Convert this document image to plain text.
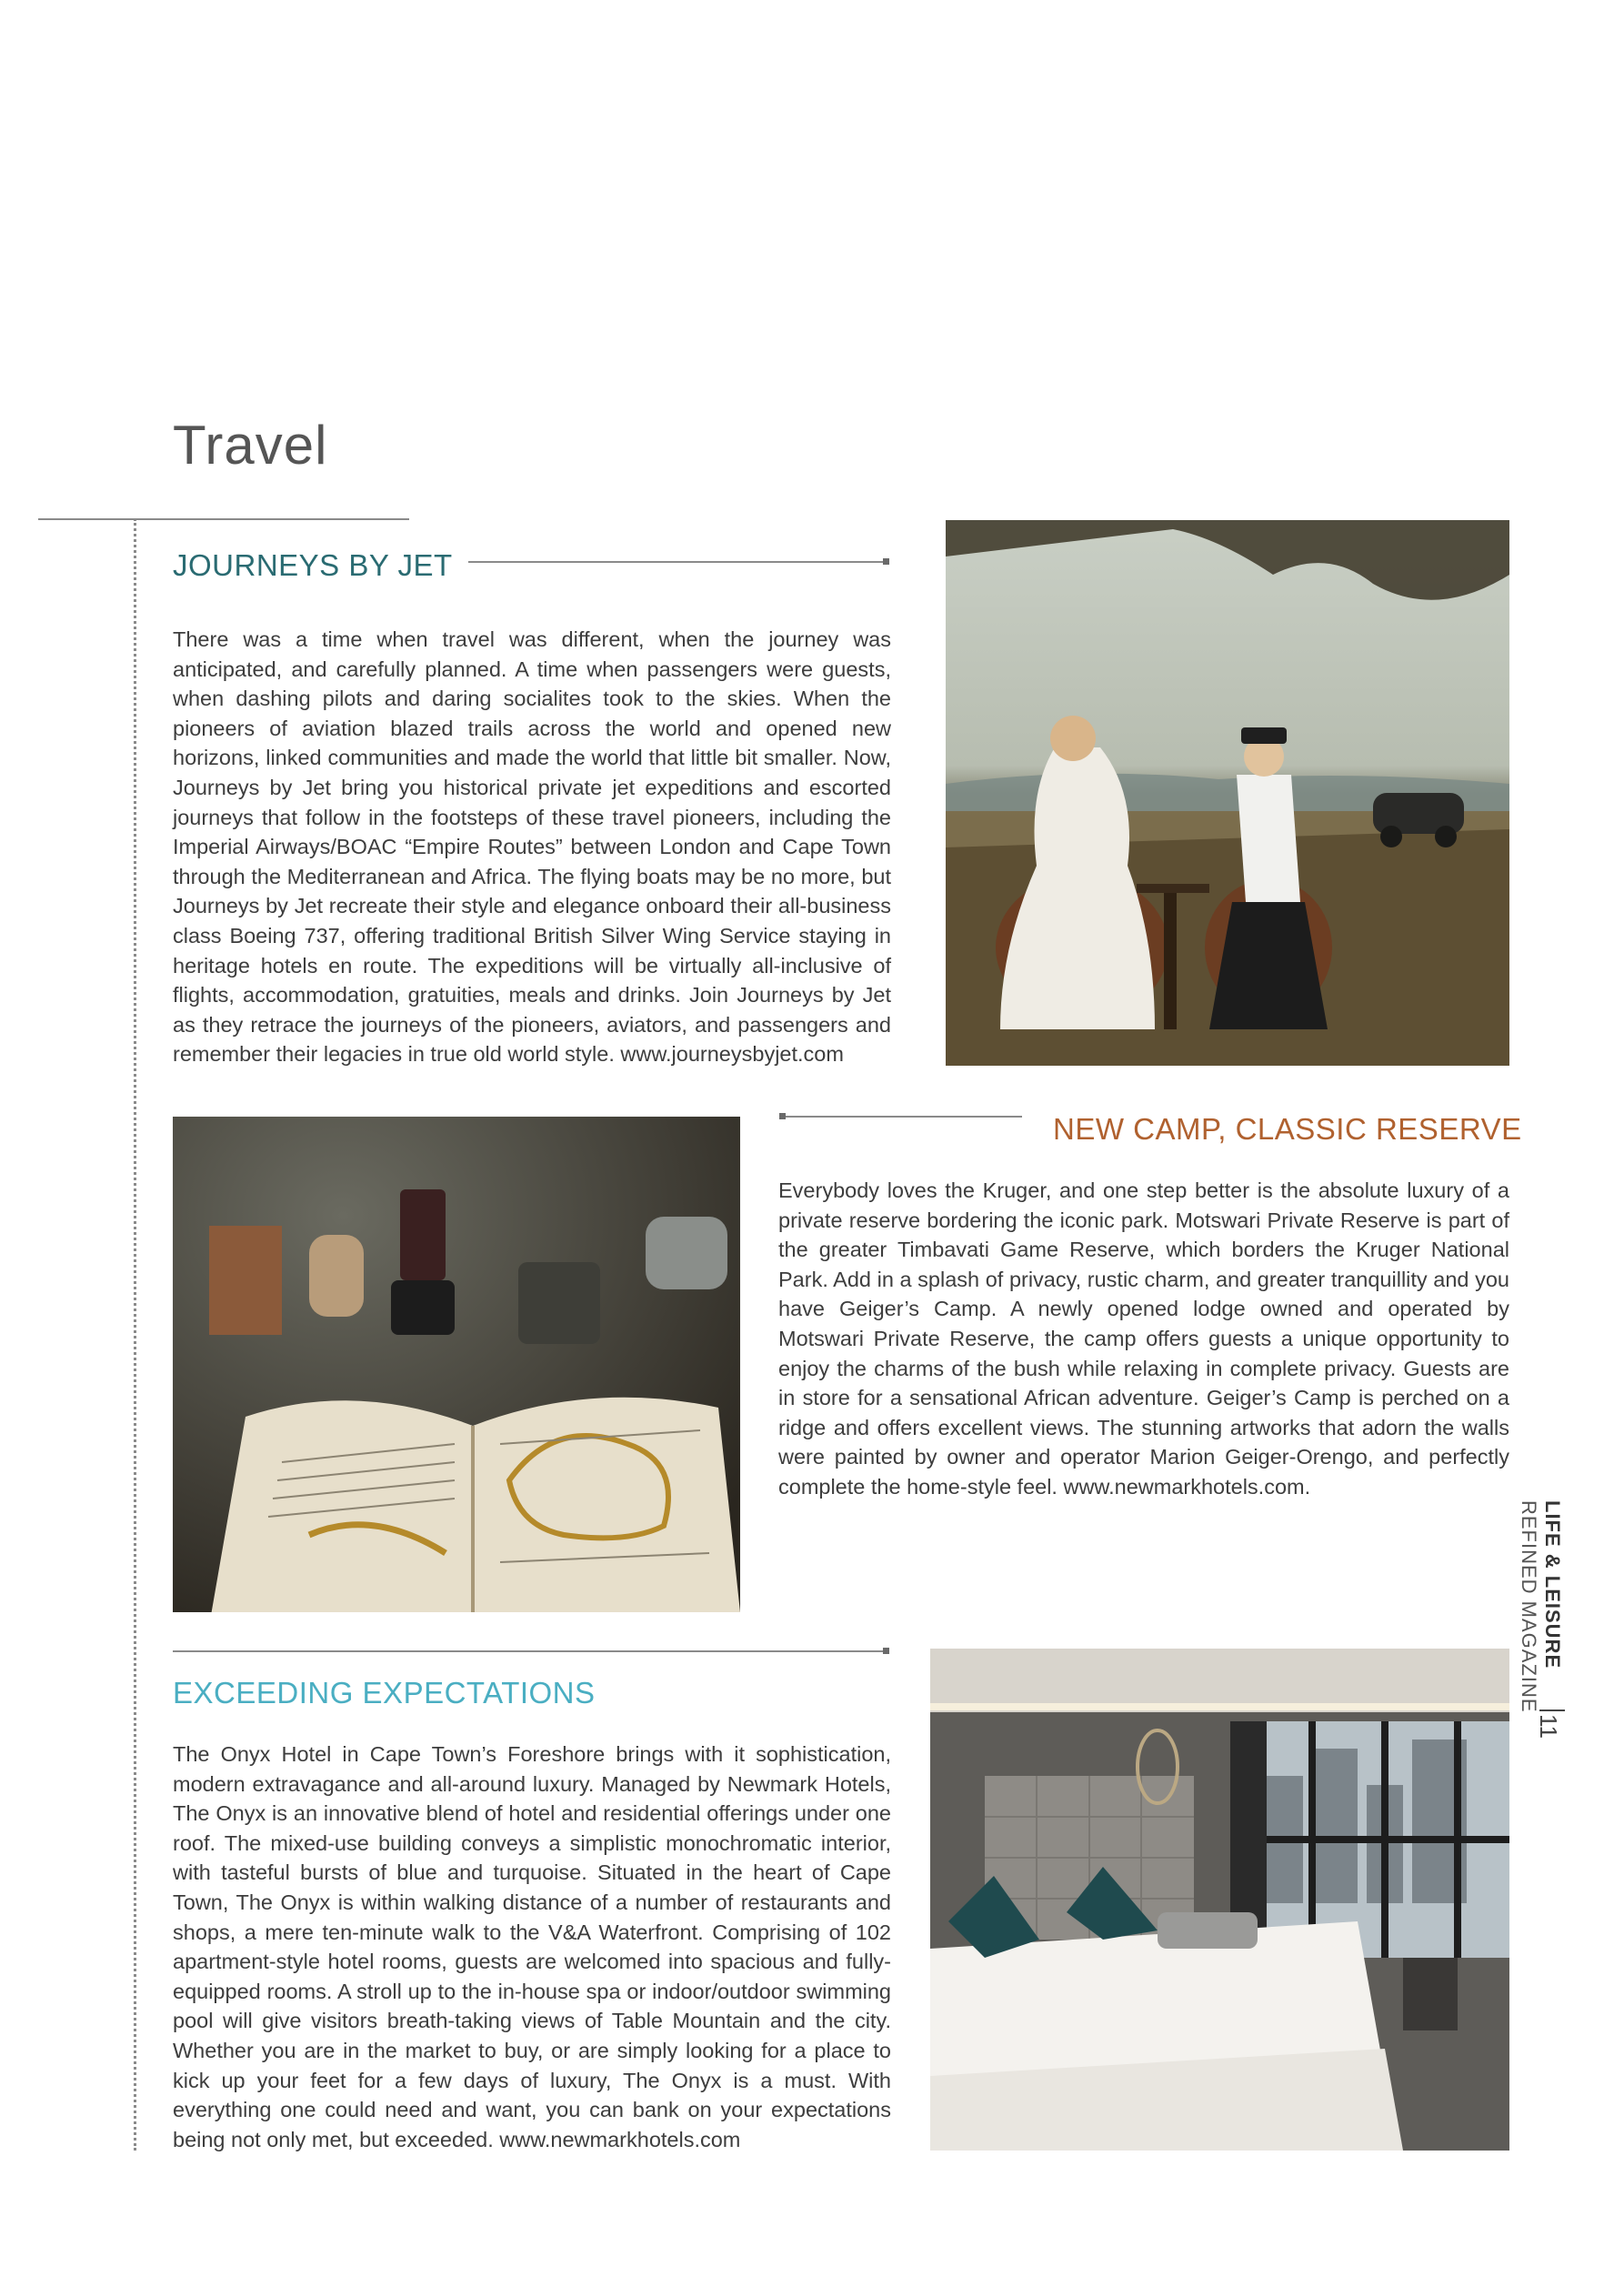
Travel
JOURNEYS BY JET

There was a time when travel was different, when the journey was anticipated, and carefully planned. A time when passengers were guests, when dashing pilots and daring socialites took to the skies. When the pioneers of aviation blazed trails across the world and opened new horizons, linked communities and made the world that little bit smaller. Now, Journeys by Jet bring you historical private jet expeditions and escorted journeys that follow in the footsteps of these travel pioneers, including the Imperial Airways/BOAC “Empire Routes” between London and Cape Town through the Mediterranean and Africa. The flying boats may be no more, but Journeys by Jet recreate their style and elegance onboard their all-business class Boeing 737, offering traditional British Silver Wing Service staying in heritage hotels en route. The expeditions will be virtually all-inclusive of flights, accommodation, gratuities, meals and drinks. Join Journeys by Jet as they retrace the journeys of the pioneers, aviators, and passengers and remember their legacies in true old world style. www.journeysbyjet.com

NEW CAMP, CLASSIC RESERVE

Everybody loves the Kruger, and one step better is the absolute luxury of a private reserve bordering the iconic park. Motswari Private Reserve is part of the greater Timbavati Game Reserve, which borders the Kruger National Park. Add in a splash of privacy, rustic charm, and greater tranquillity and you have Geiger’s Camp. A newly opened lodge owned and operated by Motswari Private Reserve, the camp offers guests a unique opportunity to enjoy the charms of the bush while relaxing in complete privacy. Guests are in store for a sensational African adventure. Geiger’s Camp is perched on a ridge and offers excellent views. The stunning artworks that adorn the walls were painted by owner and operator Marion Geiger-Orengo, and perfectly complete the home-style feel. www.newmarkhotels.com.

EXCEEDING EXPECTATIONS

The Onyx Hotel in Cape Town’s Foreshore brings with it sophistication, modern extravagance and all-around luxury. Managed by Newmark Hotels, The Onyx is an innovative blend of hotel and residential offerings under one roof. The mixed-use building conveys a simplistic monochromatic interior, with tasteful bursts of blue and turquoise. Situated in the heart of Cape Town, The Onyx is within walking distance of a number of restaurants and shops, a mere ten-minute walk to the V&A Waterfront. Comprising of 102 apartment-style hotel rooms, guests are welcomed into spacious and fully-equipped rooms. A stroll up to the in-house spa or indoor/outdoor swimming pool will give visitors breath-taking views of Table Mountain and the city. Whether you are in the market to buy, or are simply looking for a place to kick up your feet for a few days of luxury, The Onyx is a must. With everything one could need and want, you can bank on your expectations being not only met, but exceeded. www.newmarkhotels.com

LIFE & LEISURE
REFINED MAGAZINE
11
